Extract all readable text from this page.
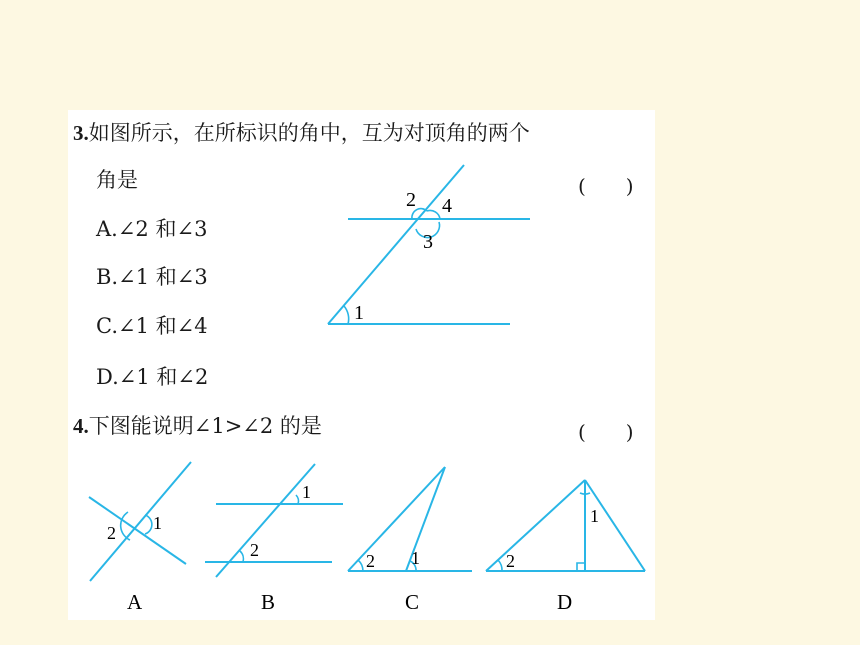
3.如图所示，在所标识的角中，互为对顶角的两个
角是	(　　)
A.∠2 和∠3
B.∠1 和∠3
C.∠1 和∠4
D.∠1 和∠2
2 4
3
1
4.下图能说明∠1>∠2 的是	(　　)
2 1
A
1
2
B
2 1
C
1
2
D
